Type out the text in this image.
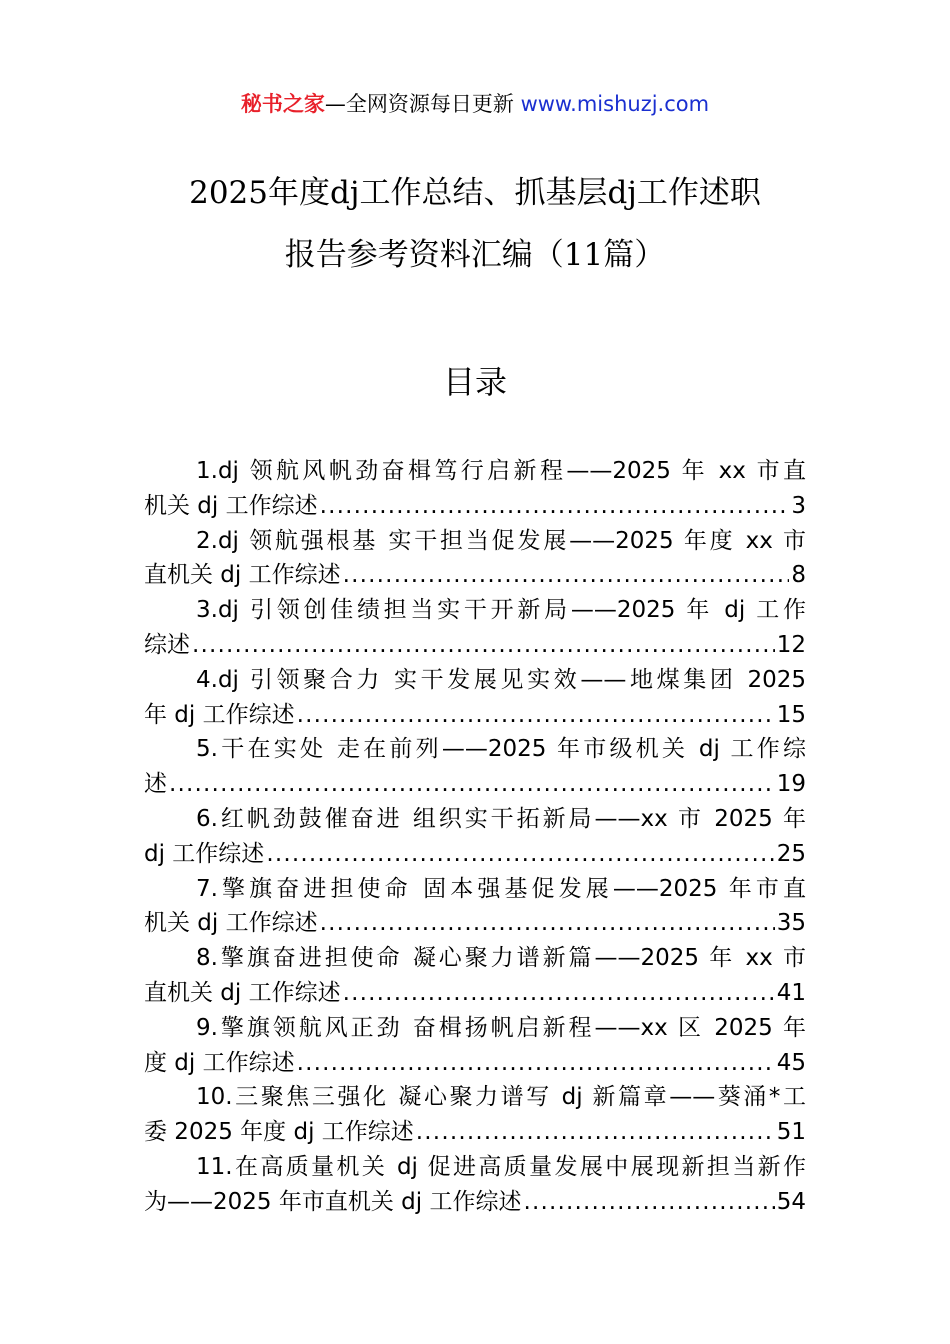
秘书之家—全网资源每日更新 www.mishuzj.com
2025年度dj工作总结、抓基层dj工作述职
报告参考资料汇编（11篇）
目录
1.dj 领航风帆劲奋楫笃行启新程——2025 年 xx 市直
机关 dj 工作综述 .....	3
2.dj 领航强根基 实干担当促发展——2025 年度 xx 市
直机关 dj 工作综述 .....	8
3.dj 引领创佳绩担当实干开新局——2025 年 dj 工作
综述 .....	12
4.dj 引领聚合力 实干发展见实效——地煤集团 2025
年 dj 工作综述 .....	15
5.干在实处 走在前列——2025 年市级机关 dj 工作综
述 .....	19
6.红帆劲鼓催奋进 组织实干拓新局——xx 市 2025 年
dj 工作综述 .....	25
7.擎旗奋进担使命 固本强基促发展——2025 年市直
机关 dj 工作综述 .....	35
8.擎旗奋进担使命 凝心聚力谱新篇——2025 年 xx 市
直机关 dj 工作综述 .....	41
9.擎旗领航风正劲 奋楫扬帆启新程——xx 区 2025 年
度 dj 工作综述 .....	45
10.三聚焦三强化 凝心聚力谱写 dj 新篇章——葵涌*工
委 2025 年度 dj 工作综述 .....	51
11.在高质量机关 dj 促进高质量发展中展现新担当新作
为——2025 年市直机关 dj 工作综述 .....	54
